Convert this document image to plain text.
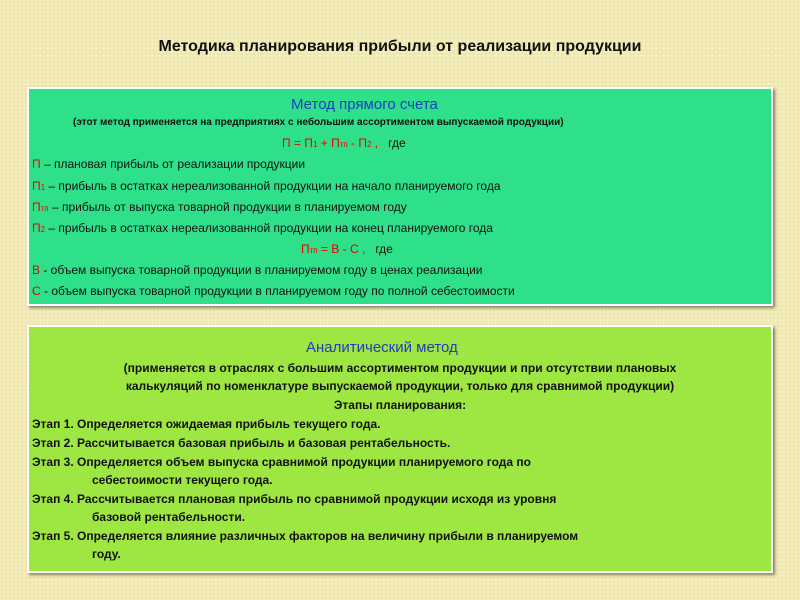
Методика планирования прибыли от реализации продукции
Метод прямого счета
(этот метод применяется на предприятиях с небольшим ассортиментом выпускаемой продукции)
П = П1 + Птп - П2 , где
П – плановая прибыль от реализации продукции
П1 – прибыль в остатках нереализованной продукции на начало планируемого года
Птп – прибыль от выпуска товарной продукции в планируемом году
П2 – прибыль в остатках нереализованной продукции на конец планируемого года
Птп = В - С , где
В - объем выпуска товарной продукции в планируемом году в ценах реализации
С - объем выпуска товарной продукции в планируемом году по полной себестоимости
Аналитический метод
(применяется в отраслях с большим ассортиментом продукции и при отсутствии плановых
калькуляций по номенклатуре выпускаемой продукции, только для сравнимой продукции)
Этапы планирования:
Этап 1. Определяется ожидаемая прибыль текущего года.
Этап 2. Рассчитывается базовая прибыль и базовая рентабельность.
Этап 3. Определяется объем выпуска сравнимой продукции планируемого года по
себестоимости текущего года.
Этап 4. Рассчитывается плановая прибыль по сравнимой продукции исходя из уровня
базовой рентабельности.
Этап 5. Определяется влияние различных факторов на величину прибыли в планируемом
году.
